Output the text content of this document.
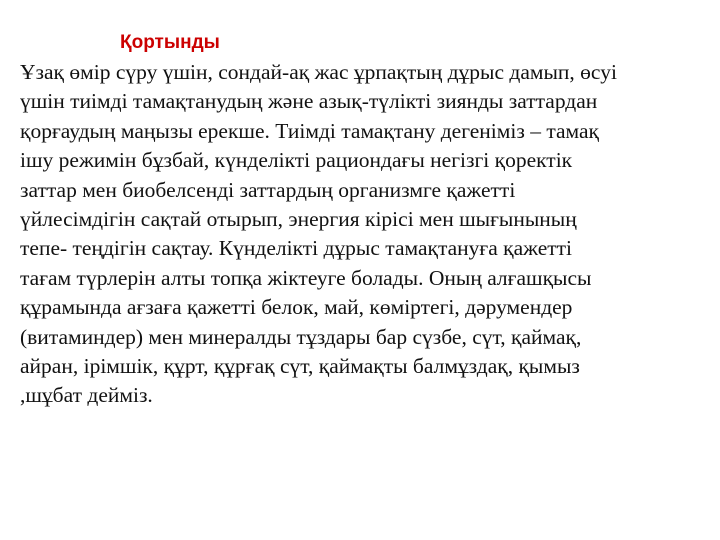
Қортынды

Ұзақ өмір сүру үшін, сондай-ақ жас ұрпақтың дұрыс дамып, өсуі
үшін тиімді тамақтанудың және азық-түлікті зиянды заттардан
қорғаудың маңызы ерекше. Тиімді тамақтану дегеніміз – тамақ
ішу режимін бұзбай, күнделікті рациондағы негізгі қоректік
заттар мен биобелсенді заттардың организмге қажетті
үйлесімдігін сақтай отырып, энергия кірісі мен шығынының
тепе- теңдігін сақтау. Күнделікті дұрыс тамақтануға қажетті
тағам түрлерін алты топқа жіктеуге болады. Оның алғашқысы
құрамында ағзаға қажетті белок, май, көміртегі, дәрумендер
(витаминдер) мен минералды тұздары бар сүзбе, сүт, қаймақ,
айран, ірімшік, құрт, құрғақ сүт, қаймақты балмұздақ, қымыз
,шұбат дейміз.
